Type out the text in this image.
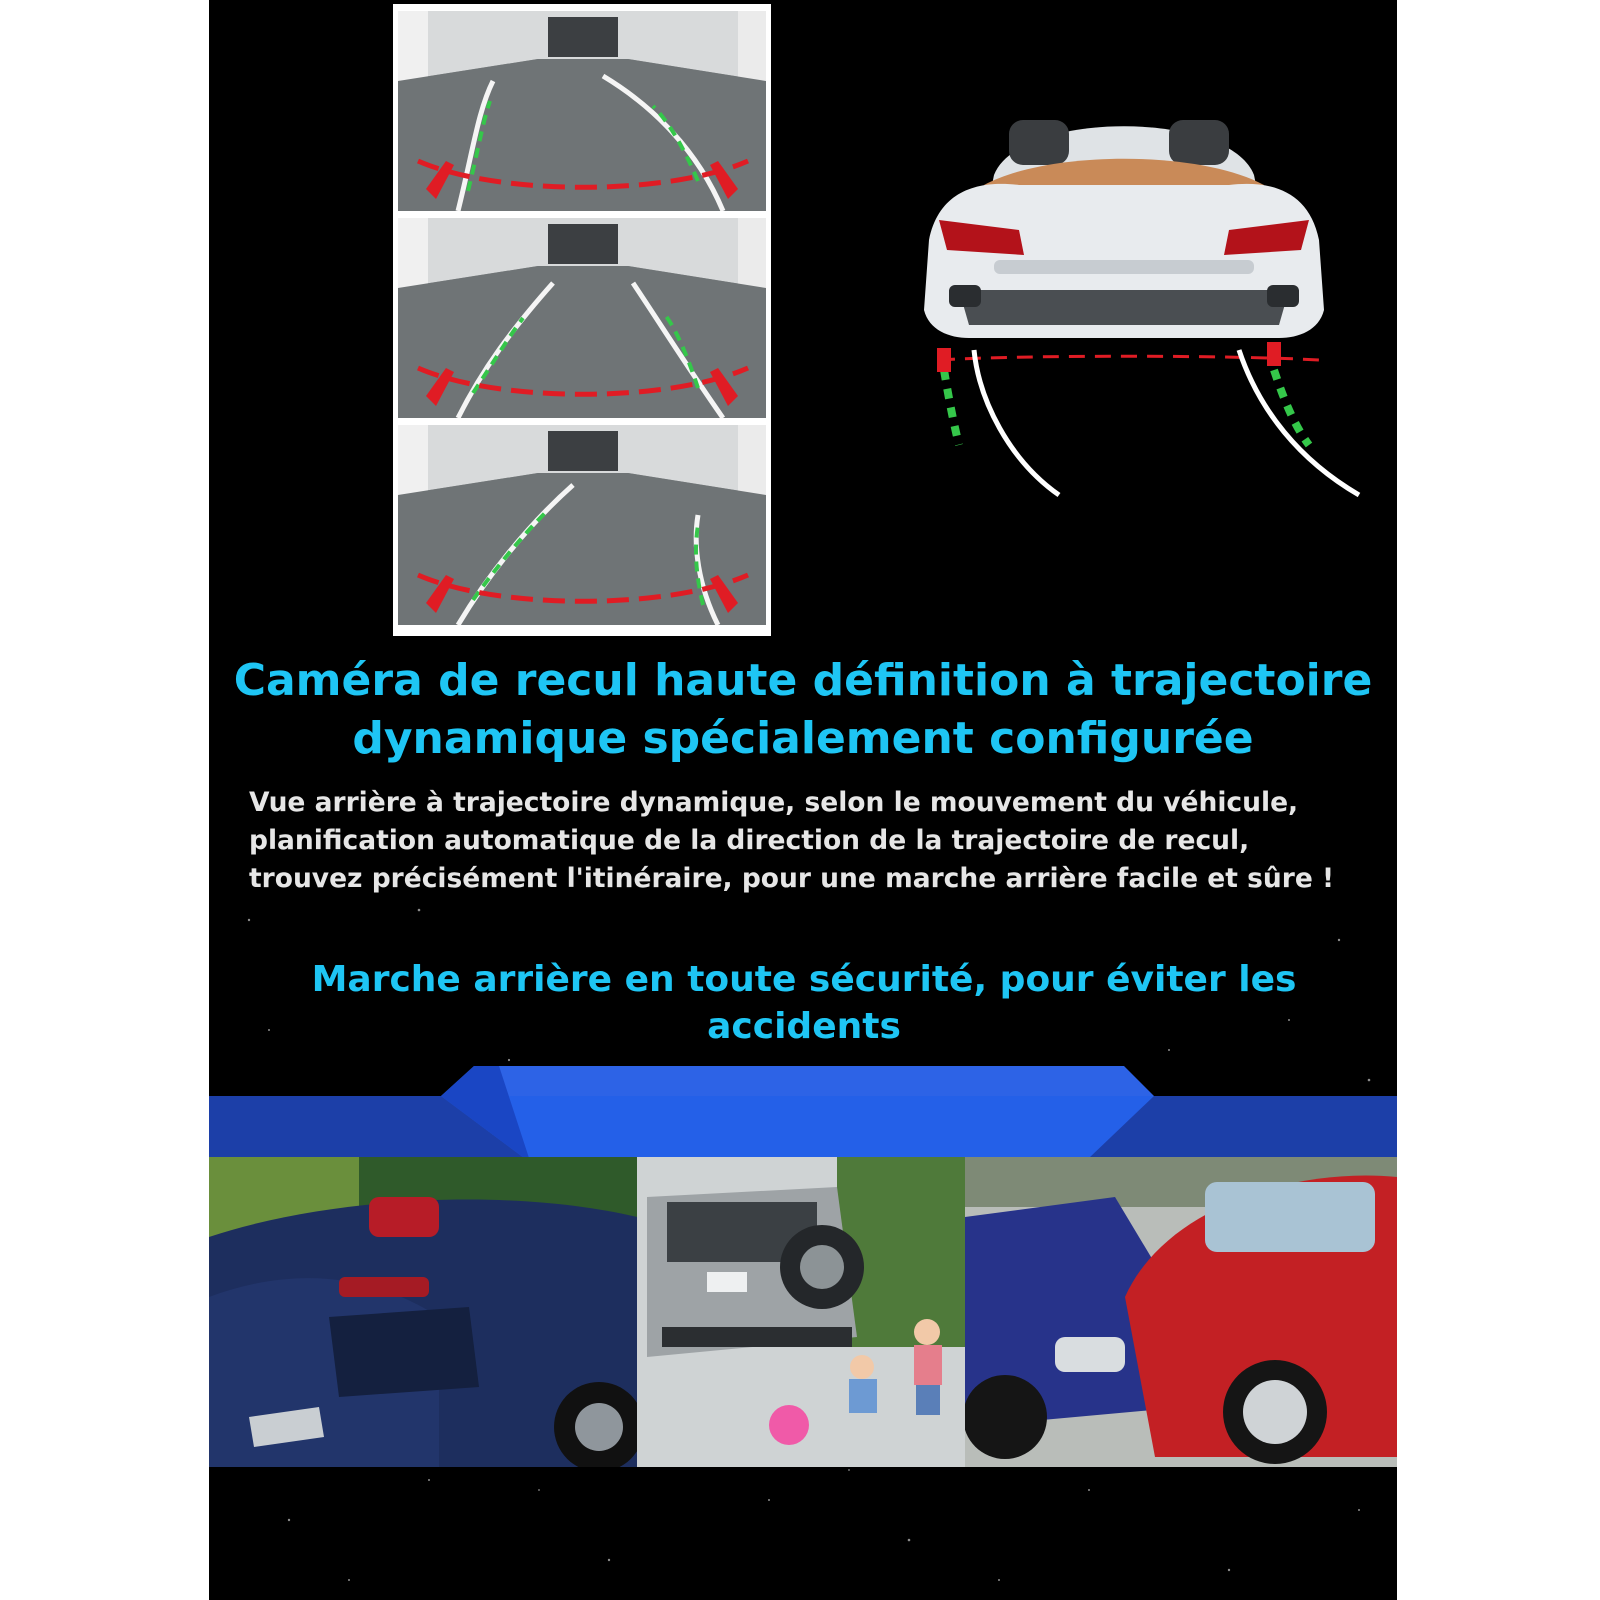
Caméra de recul haute définition à trajectoire
dynamique spécialement configurée

Vue arrière à trajectoire dynamique, selon le mouvement du véhicule,
planification automatique de la direction de la trajectoire de recul,
trouvez précisément l'itinéraire, pour une marche arrière facile et sûre !

Marche arrière en toute sécurité, pour éviter les
accidents
